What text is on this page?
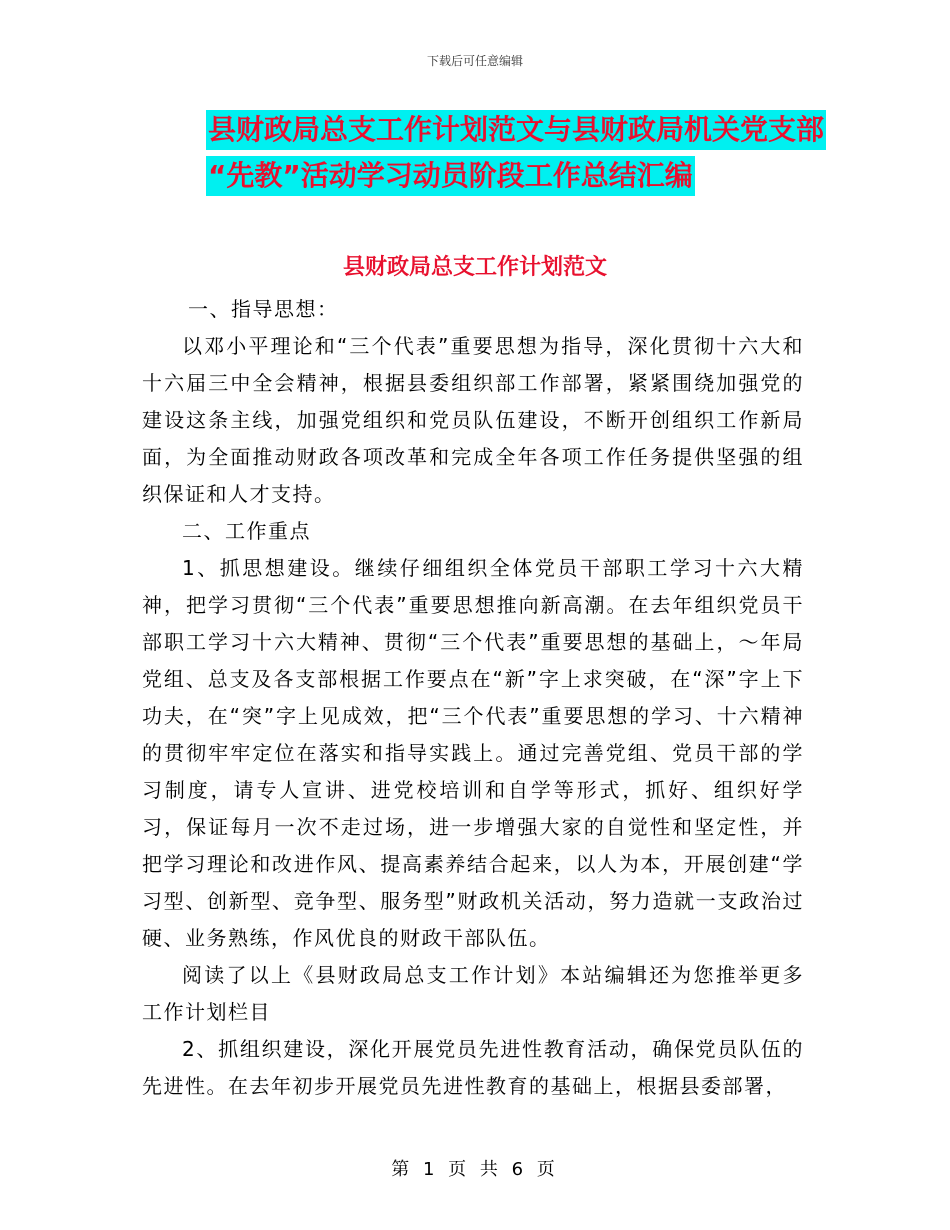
下载后可任意编辑
县财政局总支工作计划范文与县财政局机关党支部
“先教”活动学习动员阶段工作总结汇编
县财政局总支工作计划范文

一、指导思想：

以邓小平理论和“三个代表”重要思想为指导，深化贯彻十六大和十六届三中全会精神，根据县委组织部工作部署，紧紧围绕加强党的建设这条主线，加强党组织和党员队伍建设，不断开创组织工作新局面，为全面推动财政各项改革和完成全年各项工作任务提供坚强的组织保证和人才支持。

二、工作重点

1、抓思想建设。继续仔细组织全体党员干部职工学习十六大精神，把学习贯彻“三个代表”重要思想推向新高潮。在去年组织党员干部职工学习十六大精神、贯彻“三个代表”重要思想的基础上，～年局党组、总支及各支部根据工作要点在“新”字上求突破，在“深”字上下功夫，在“突”字上见成效，把“三个代表”重要思想的学习、十六精神的贯彻牢牢定位在落实和指导实践上。通过完善党组、党员干部的学习制度，请专人宣讲、进党校培训和自学等形式，抓好、组织好学习，保证每月一次不走过场，进一步增强大家的自觉性和坚定性，并把学习理论和改进作风、提高素养结合起来，以人为本，开展创建“学习型、创新型、竞争型、服务型”财政机关活动，努力造就一支政治过硬、业务熟练，作风优良的财政干部队伍。

阅读了以上《县财政局总支工作计划》本站编辑还为您推举更多工作计划栏目

2、抓组织建设，深化开展党员先进性教育活动，确保党员队伍的先进性。在去年初步开展党员先进性教育的基础上，根据县委部署，

第 1 页 共 6 页
